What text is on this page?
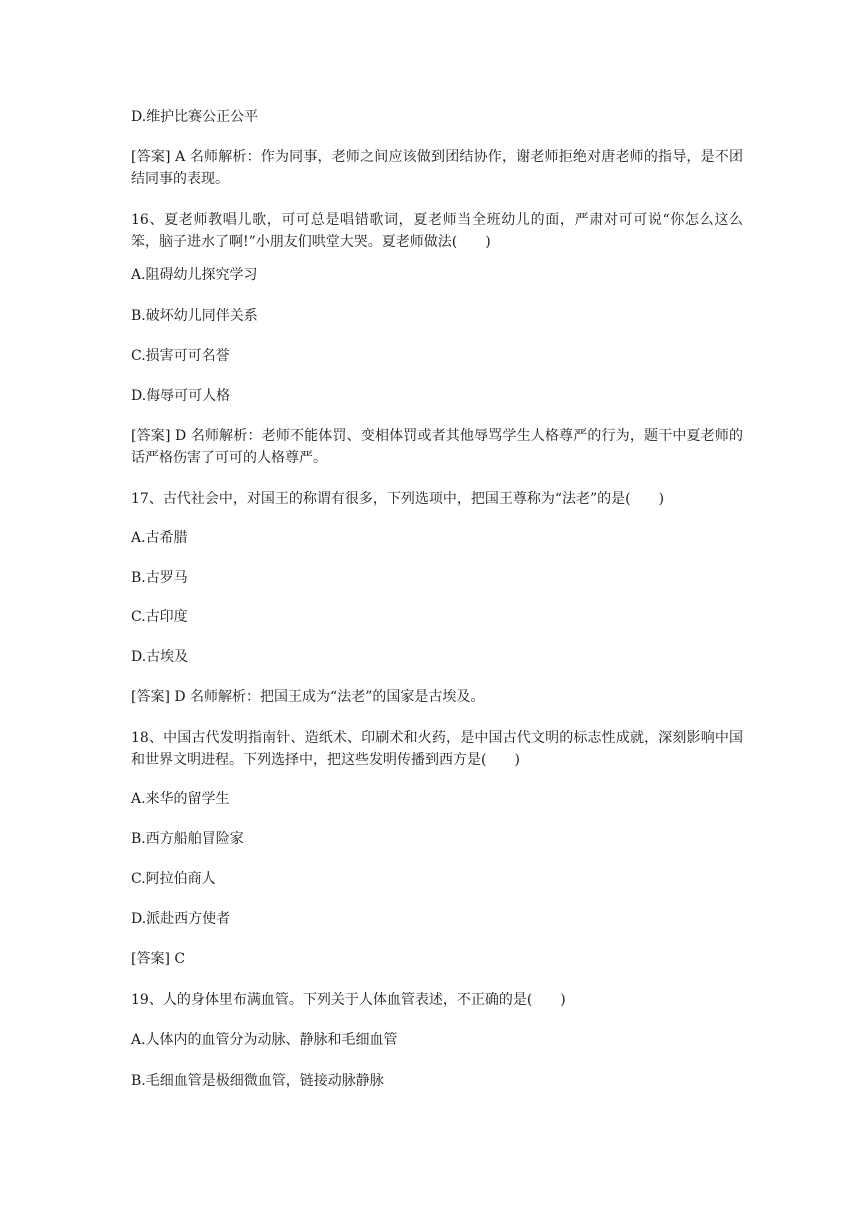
D.维护比赛公正公平
[答案] A 名师解析：作为同事，老师之间应该做到团结协作，谢老师拒绝对唐老师的指导，是不团结同事的表现。
16、夏老师教唱儿歌，可可总是唱错歌词，夏老师当全班幼儿的面，严肃对可可说“你怎么这么笨，脑子进水了啊!”小朋友们哄堂大哭。夏老师做法(　　)
A.阻碍幼儿探究学习
B.破坏幼儿同伴关系
C.损害可可名誉
D.侮辱可可人格
[答案] D 名师解析：老师不能体罚、变相体罚或者其他辱骂学生人格尊严的行为，题干中夏老师的话严格伤害了可可的人格尊严。
17、古代社会中，对国王的称谓有很多，下列选项中，把国王尊称为“法老”的是(　　)
A.古希腊
B.古罗马
C.古印度
D.古埃及
[答案] D 名师解析：把国王成为“法老”的国家是古埃及。
18、中国古代发明指南针、造纸术、印刷术和火药，是中国古代文明的标志性成就，深刻影响中国和世界文明进程。下列选择中，把这些发明传播到西方是(　　)
A.来华的留学生
B.西方船舶冒险家
C.阿拉伯商人
D.派赴西方使者
[答案] C
19、人的身体里布满血管。下列关于人体血管表述，不正确的是(　　)
A.人体内的血管分为动脉、静脉和毛细血管
B.毛细血管是极细微血管，链接动脉静脉
